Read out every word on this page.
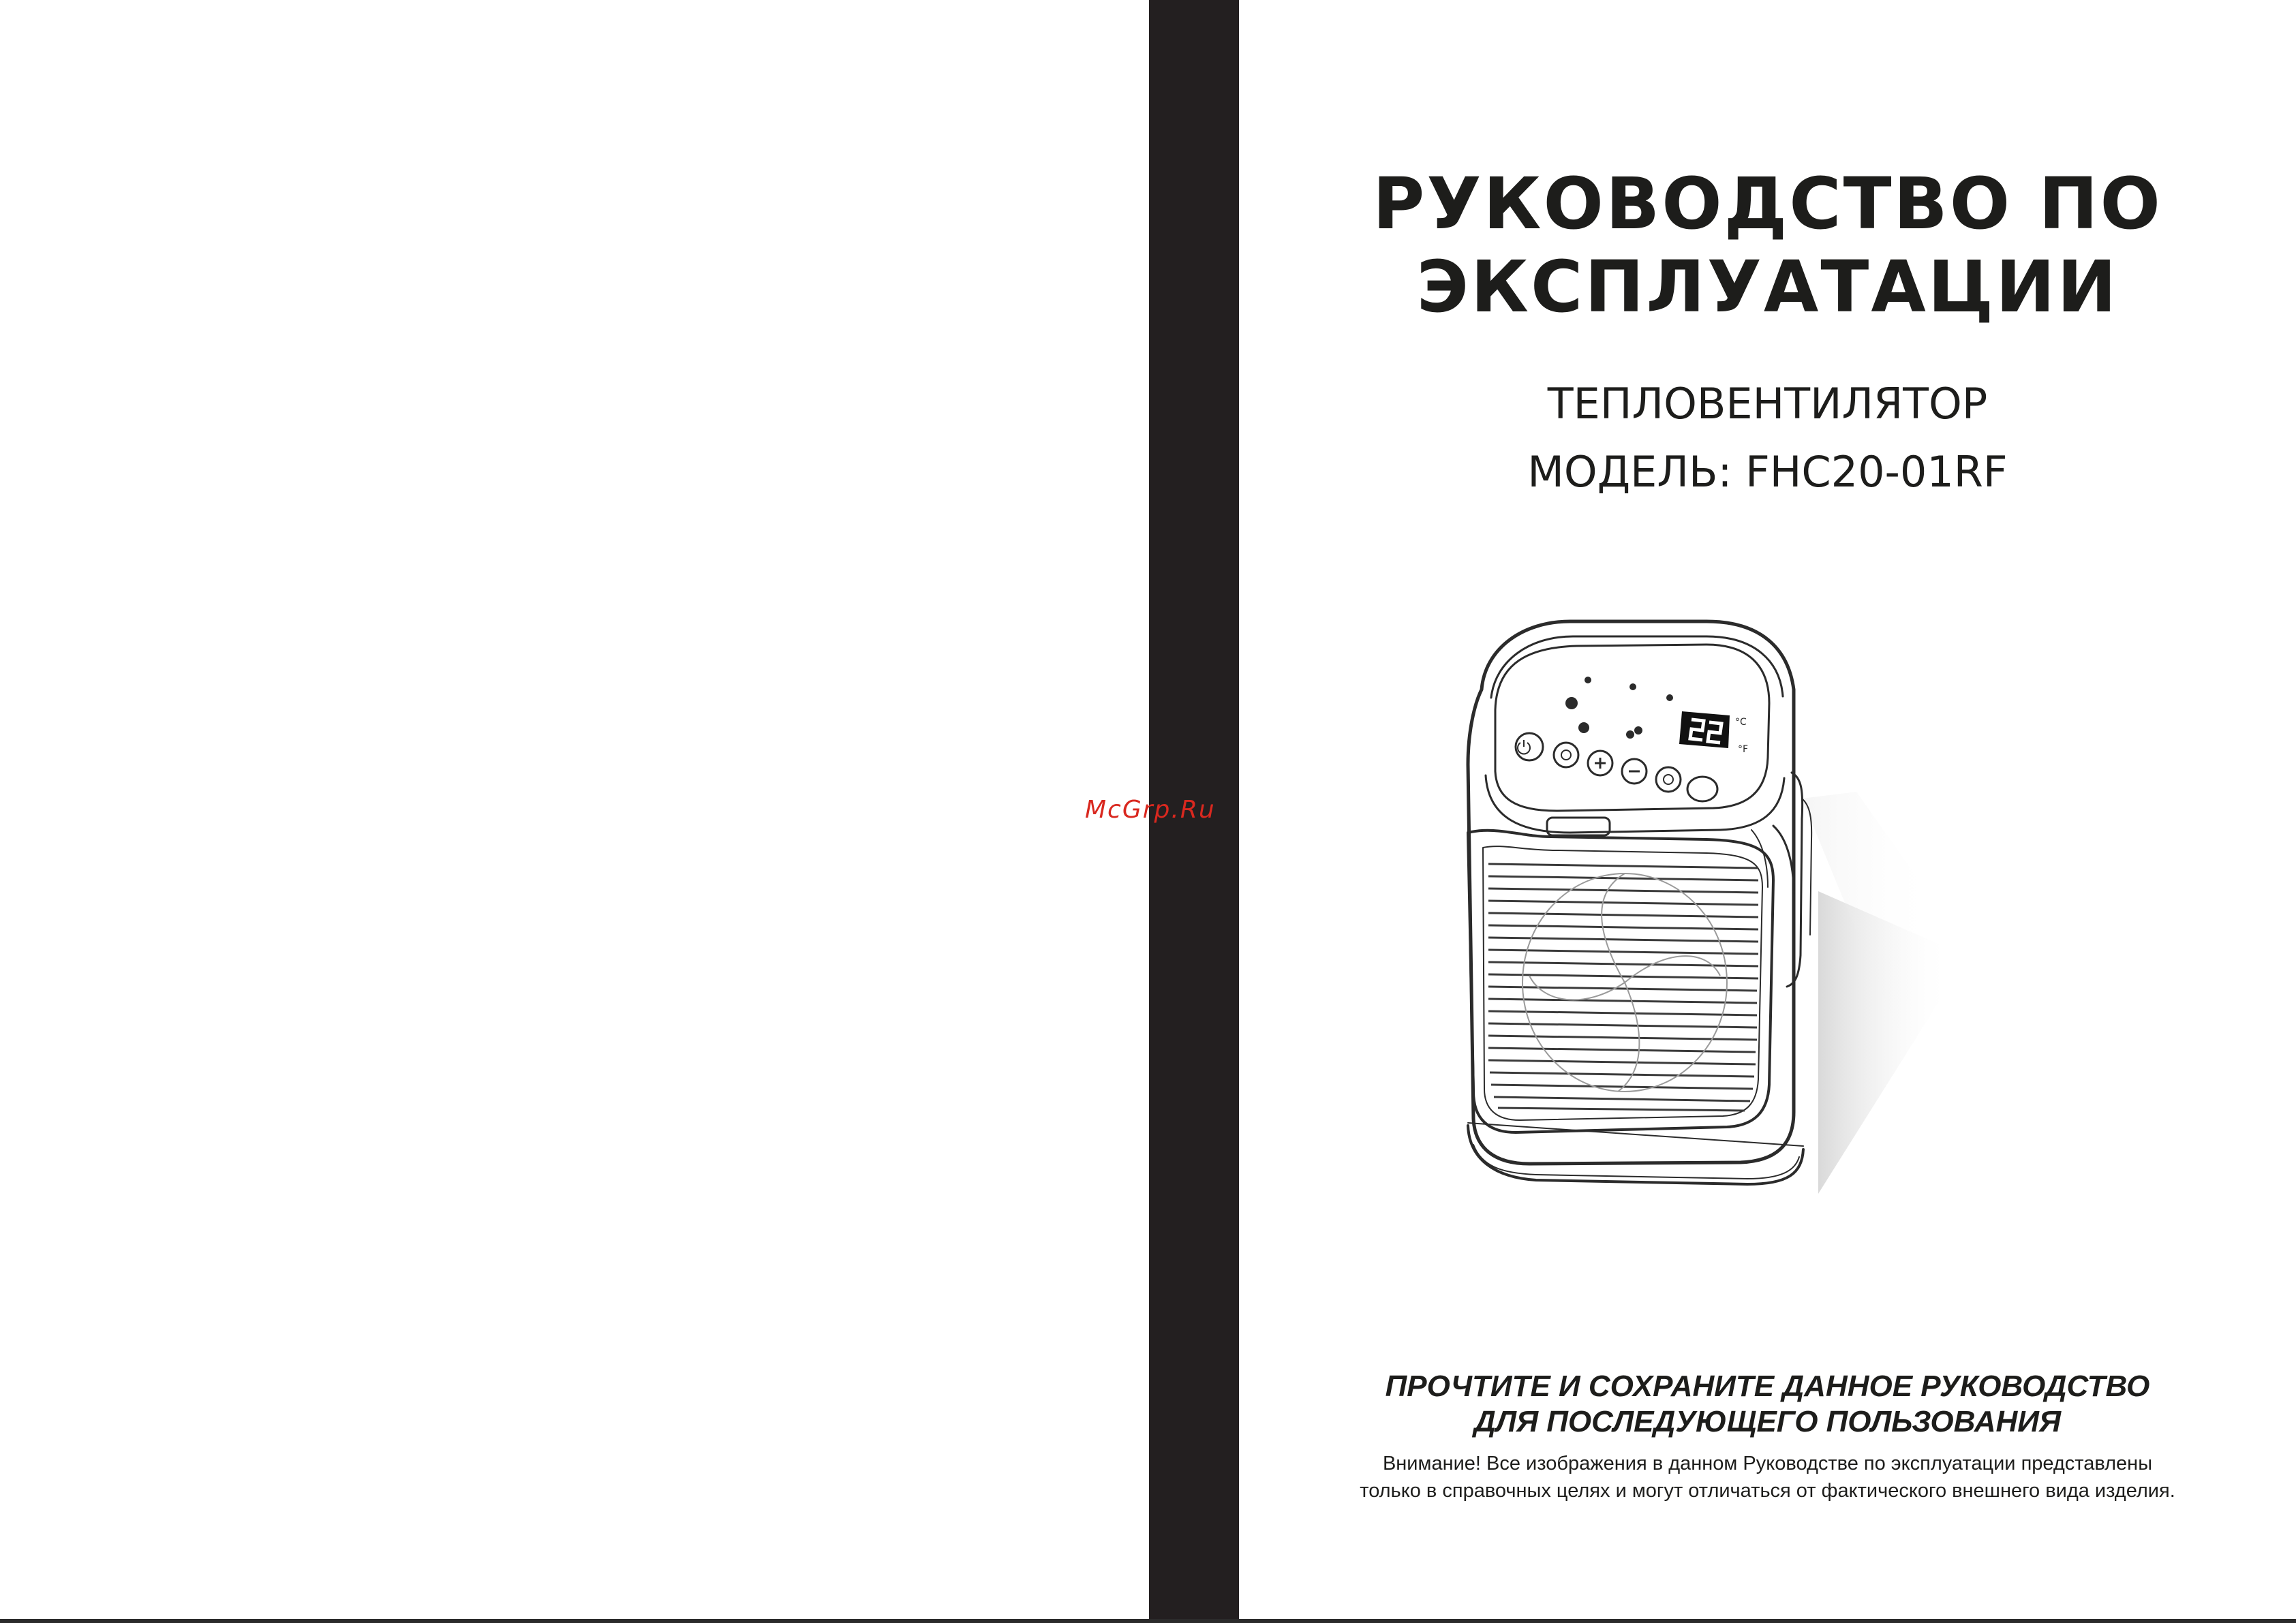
РУКОВОДСТВО ПО
ЭКСПЛУАТАЦИИ
ТЕПЛОВЕНТИЛЯТОР
МОДЕЛЬ: FHC20-01RF
°C
°F
ПРОЧТИТЕ И СОХРАНИТЕ ДАННОЕ РУКОВОДСТВО
ДЛЯ ПОСЛЕДУЮЩЕГО ПОЛЬЗОВАНИЯ
Внимание! Все изображения в данном Руководстве по эксплуатации представлены
только в справочных целях и могут отличаться от фактического внешнего вида изделия.
McGrp.Ru
